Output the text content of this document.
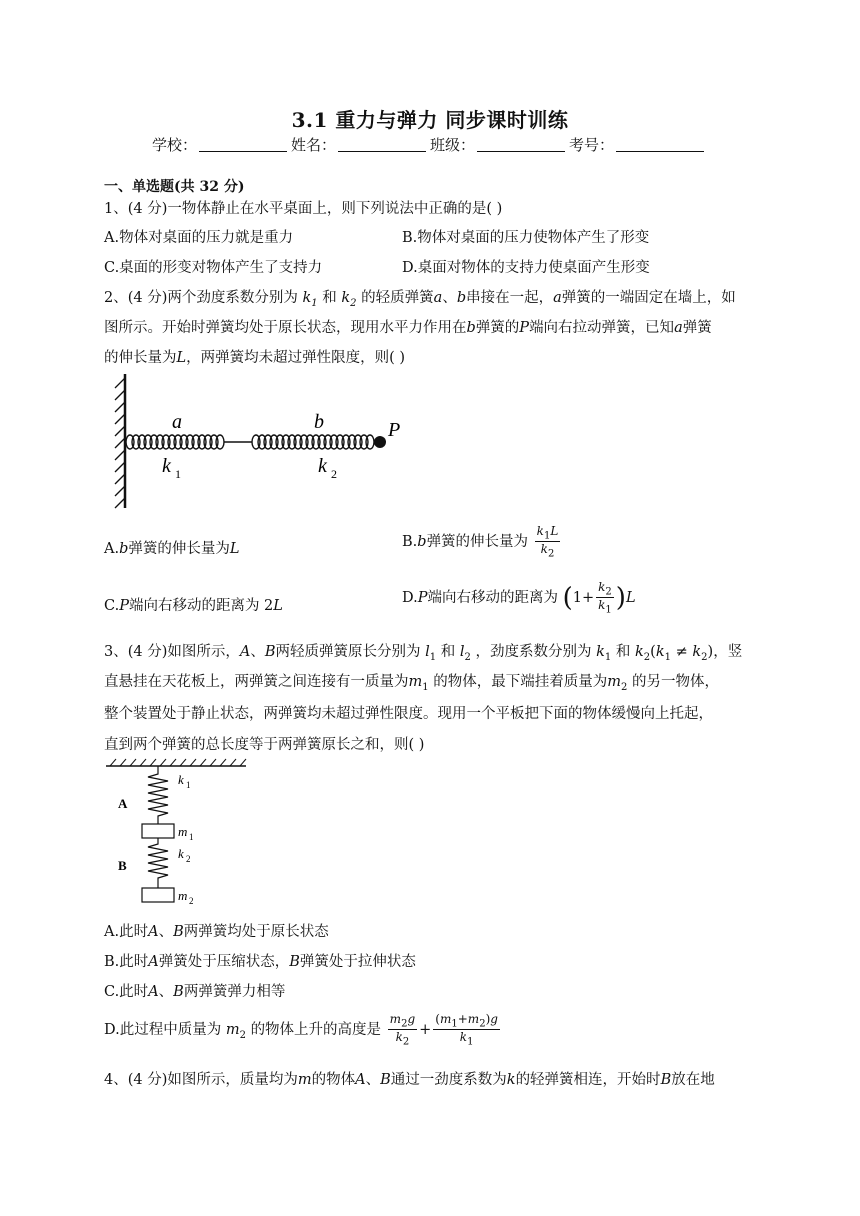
3.1 重力与弹力 同步课时训练
学校：	姓名：	班级：	考号：
一、单选题(共 32 分)
1、(4 分)一物体静止在水平桌面上，则下列说法中正确的是( )
A.物体对桌面的压力就是重力	B.物体对桌面的压力使物体产生了形变
C.桌面的形变对物体产生了支持力	D.桌面对物体的支持力使桌面产生形变
2、(4 分)两个劲度系数分别为 $k_1$ 和 $k_2$ 的轻质弹簧a、b串接在一起，a弹簧的一端固定在墙上，如
图所示。开始时弹簧均处于原长状态，现用水平力作用在b弹簧的P端向右拉动弹簧，已知a弹簧
的伸长量为L，两弹簧均未超过弹性限度，则( )
a	b	P
k 1	k 2
A.b弹簧的伸长量为L	B.b弹簧的伸长量为 $\frac{k_1L}{k_2}$
C.P端向右移动的距离为 2L
D.P端向右移动的距离为 $(1+ \frac{k_2}{k_1} )L$
3、(4 分)如图所示，A、B两轻质弹簧原长分别为 $l_1$ 和 $l_2$ ，劲度系数分别为 $k_1$ 和 $k_2(k_1 \ne k_2)$，竖
直悬挂在天花板上，两弹簧之间连接有一质量为$m_1$ 的物体，最下端挂着质量为$m_2$ 的另一物体，
整个装置处于静止状态，两弹簧均未超过弹性限度。现用一个平板把下面的物体缓慢向上托起，
直到两个弹簧的总长度等于两弹簧原长之和，则( )
A
B
k 1
m 1
k 2
m 2
A.此时A、B两弹簧均处于原长状态
B.此时A弹簧处于压缩状态，B弹簧处于拉伸状态
C.此时A、B两弹簧弹力相等
D.此过程中质量为 $m_2$ 的物体上升的高度是 $\frac{m_2g}{k_2} + \frac{(m_1+m_2)g}{k_1}$
4、(4 分)如图所示，质量均为m的物体A、B通过一劲度系数为k的轻弹簧相连，开始时B放在地
